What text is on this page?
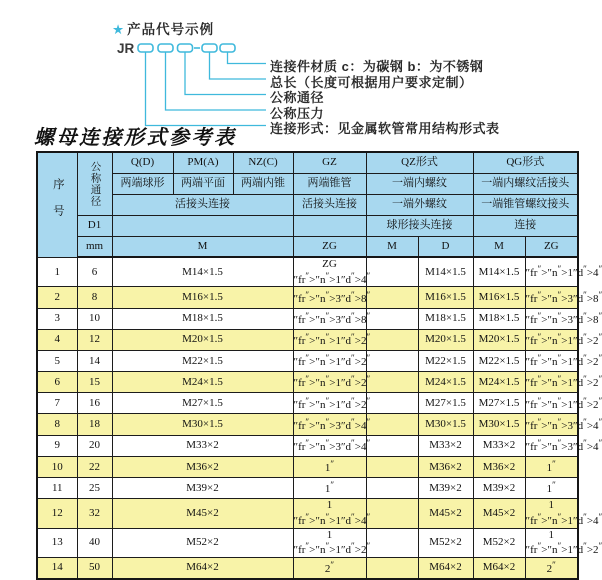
★ 产品代号示例
JR
连接件材质 c：为碳钢 b：为不锈钢
总长（长度可根据用户要求定制）
公称通径
公称压力
连接形式：见金属软管常用结构形式表
螺母连接形式参考表
序号	公称通径	Q(D)	PM(A)	NZ(C)	GZ	QZ形式		QG形式	
		两端球形	两端平面	两端内锥	两端锥管	一端内螺纹		一端内螺纹活接头	
		活接头连接			活接头连接	一端外螺纹		一端锥管螺纹接头	
	D1					球形接头连接		连接	
	mm	M			ZG	M	D	M	ZG
1	6	M14×1.5			ZG ″fr″>″n″>1″d″>4″		M14×1.5	M14×1.5	″fr″>″n″>1″d″>4″
2	8	M16×1.5			″fr″>″n″>3″d″>8″		M16×1.5	M16×1.5	″fr″>″n″>3″d″>8″
3	10	M18×1.5			″fr″>″n″>3″d″>8″		M18×1.5	M18×1.5	″fr″>″n″>3″d″>8″
4	12	M20×1.5			″fr″>″n″>1″d″>2″		M20×1.5	M20×1.5	″fr″>″n″>1″d″>2″
5	14	M22×1.5			″fr″>″n″>1″d″>2″		M22×1.5	M22×1.5	″fr″>″n″>1″d″>2″
6	15	M24×1.5			″fr″>″n″>1″d″>2″		M24×1.5	M24×1.5	″fr″>″n″>1″d″>2″
7	16	M27×1.5			″fr″>″n″>1″d″>2″		M27×1.5	M27×1.5	″fr″>″n″>1″d″>2″
8	18	M30×1.5			″fr″>″n″>3″d″>4″		M30×1.5	M30×1.5	″fr″>″n″>3″d″>4″
9	20	M33×2			″fr″>″n″>3″d″>4″		M33×2	M33×2	″fr″>″n″>3″d″>4″
10	22	M36×2			1″		M36×2	M36×2	1″
11	25	M39×2			1″		M39×2	M39×2	1″
12	32	M45×2			1 ″fr″>″n″>1″d″>4″		M45×2	M45×2	1 ″fr″>″n″>1″d″>4″
13	40	M52×2			1 ″fr″>″n″>1″d″>2″		M52×2	M52×2	1 ″fr″>″n″>1″d″>2″
14	50	M64×2			2″		M64×2	M64×2	2″
